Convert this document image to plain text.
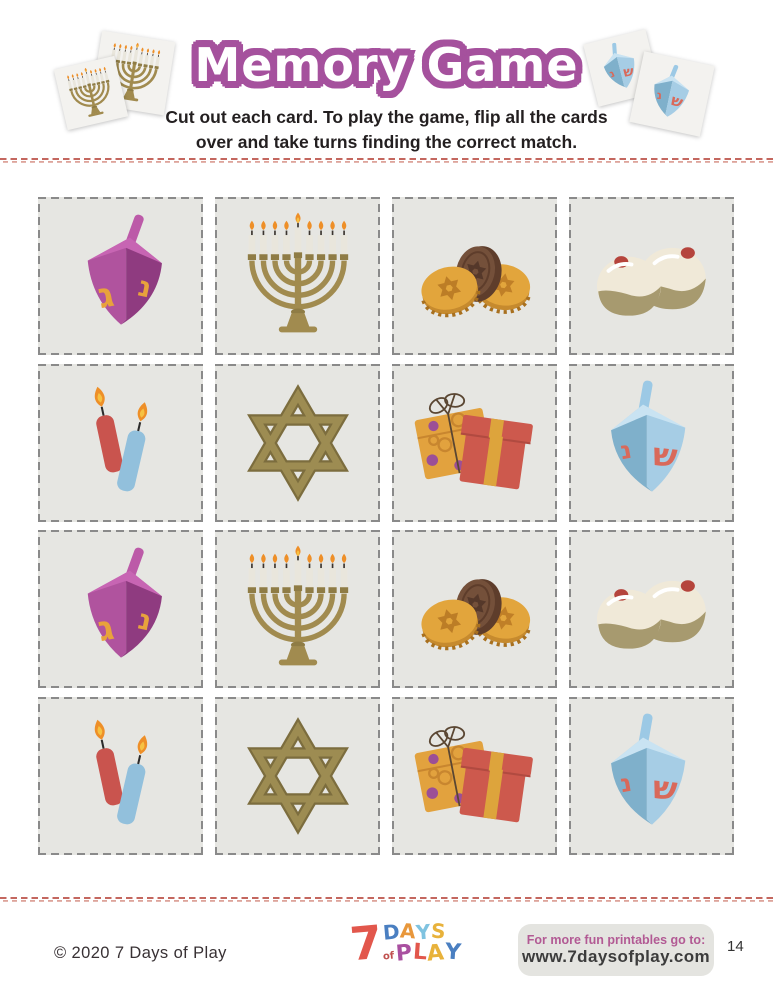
Memory Game
Cut out each card. To play the game, flip all the cards over and take turns finding the correct match.
© 2020 7 Days of Play	7
DAYS
of PLAY	For more fun printables go to:
www.7daysofplay.com
14
